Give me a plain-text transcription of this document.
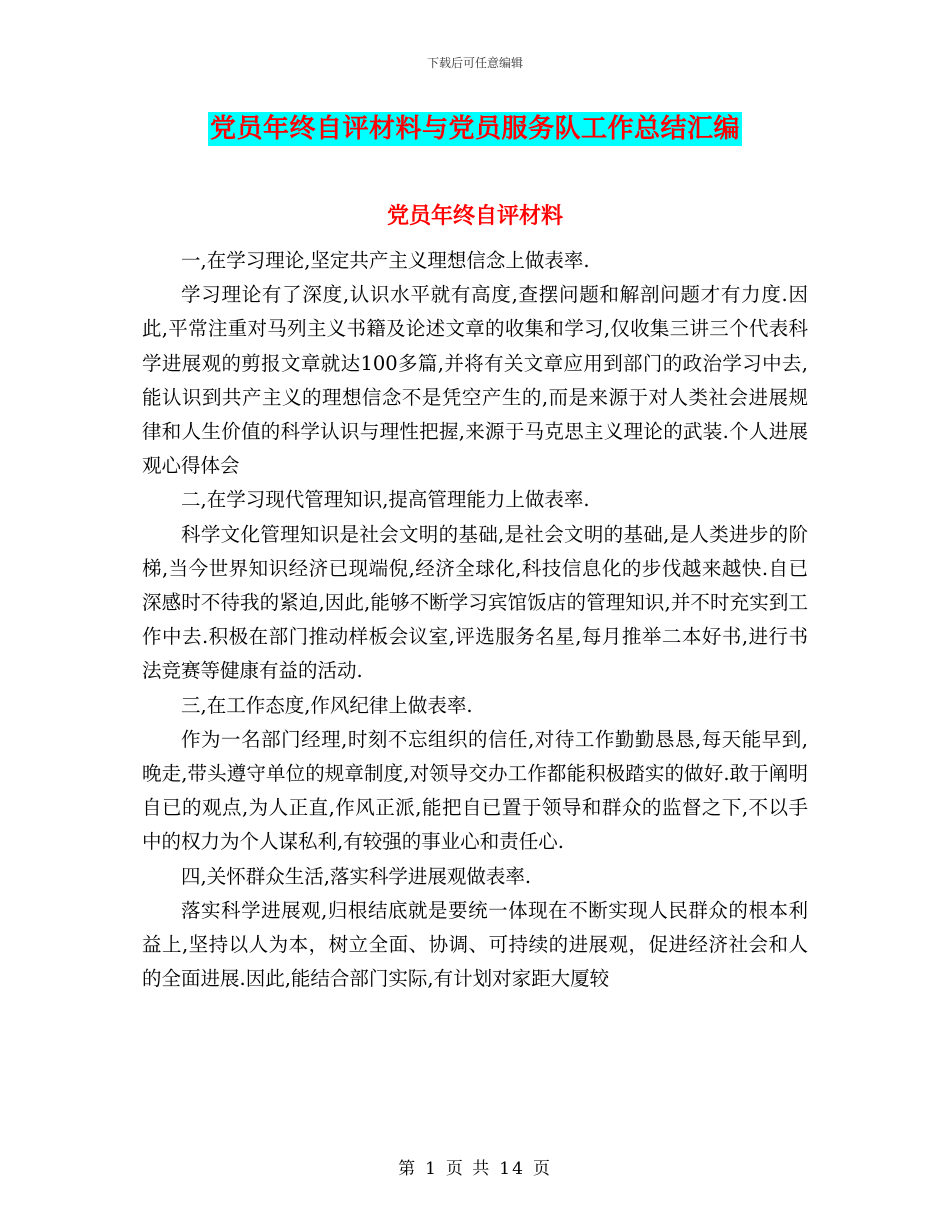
下载后可任意编辑
党员年终自评材料与党员服务队工作总结汇编
党员年终自评材料

一,在学习理论,坚定共产主义理想信念上做表率.

学习理论有了深度,认识水平就有高度,查摆问题和解剖问题才有力度.因此,平常注重对马列主义书籍及论述文章的收集和学习,仅收集三讲三个代表科学进展观的剪报文章就达100多篇,并将有关文章应用到部门的政治学习中去,能认识到共产主义的理想信念不是凭空产生的,而是来源于对人类社会进展规律和人生价值的科学认识与理性把握,来源于马克思主义理论的武装.个人进展观心得体会

二,在学习现代管理知识,提高管理能力上做表率.

科学文化管理知识是社会文明的基础,是社会文明的基础,是人类进步的阶梯,当今世界知识经济已现端倪,经济全球化,科技信息化的步伐越来越快.自已深感时不待我的紧迫,因此,能够不断学习宾馆饭店的管理知识,并不时充实到工作中去.积极在部门推动样板会议室,评选服务名星,每月推举二本好书,进行书法竞赛等健康有益的活动.

三,在工作态度,作风纪律上做表率.

作为一名部门经理,时刻不忘组织的信任,对待工作勤勤恳恳,每天能早到,晚走,带头遵守单位的规章制度,对领导交办工作都能积极踏实的做好.敢于阐明自已的观点,为人正直,作风正派,能把自已置于领导和群众的监督之下,不以手中的权力为个人谋私利,有较强的事业心和责任心.

四,关怀群众生活,落实科学进展观做表率.

落实科学进展观,归根结底就是要统一体现在不断实现人民群众的根本利益上,坚持以人为本，树立全面、协调、可持续的进展观，促进经济社会和人的全面进展.因此,能结合部门实际,有计划对家距大厦较

第 1 页 共 14 页
